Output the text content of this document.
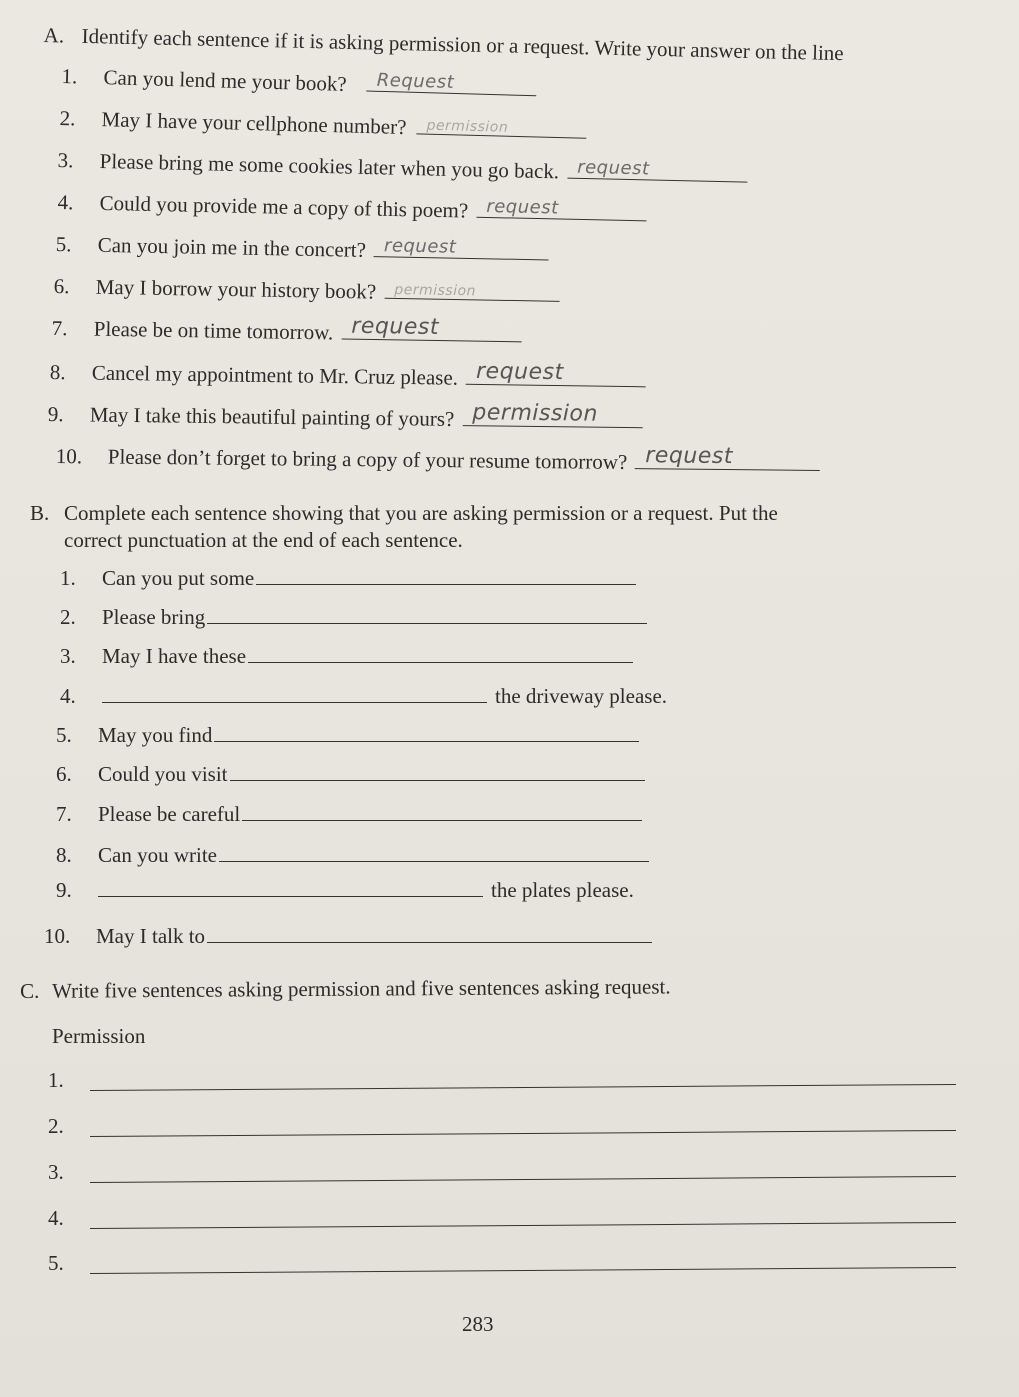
A. Identify each sentence if it is asking permission or a request. Write your answer on the line
1. Can you lend me your book? Request
2. May I have your cellphone number? permission
3. Please bring me some cookies later when you go back. request
4. Could you provide me a copy of this poem? request
5. Can you join me in the concert? request
6. May I borrow your history book? permission
7. Please be on time tomorrow. request
8. Cancel my appointment to Mr. Cruz please. request
9. May I take this beautiful painting of yours? permission
10. Please don’t forget to bring a copy of your resume tomorrow? request
B. Complete each sentence showing that you are asking permission or a request. Put the
correct punctuation at the end of each sentence.
1. Can you put some
2. Please bring
3. May I have these
4.	the driveway please.
5. May you find
6. Could you visit
7. Please be careful
8. Can you write
9.	the plates please.
10. May I talk to
C. Write five sentences asking permission and five sentences asking request.
Permission
1.
2.
3.
4.
5.
283
